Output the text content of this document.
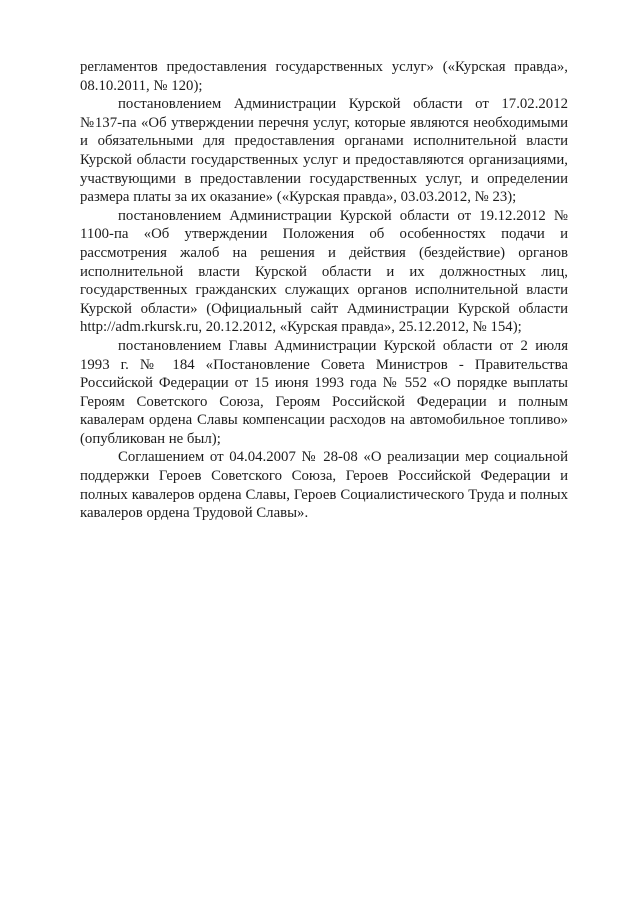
регламентов предоставления государственных услуг» («Курская правда», 08.10.2011, № 120);

постановлением Администрации Курской области от 17.02.2012 №137-па «Об утверждении перечня услуг, которые являются необходимыми и обязательными для предоставления органами исполнительной власти Курской области государственных услуг и предоставляются организациями, участвующими в предоставлении государственных услуг, и определении размера платы за их оказание» («Курская правда», 03.03.2012, № 23);

постановлением Администрации Курской области от 19.12.2012 № 1100-па «Об утверждении Положения об особенностях подачи и рассмотрения жалоб на решения и действия (бездействие) органов исполнительной власти Курской области и их должностных лиц, государственных гражданских служащих органов исполнительной власти Курской области» (Официальный сайт Администрации Курской области http://adm.rkursk.ru, 20.12.2012, «Курская правда», 25.12.2012, № 154);

постановлением Главы Администрации Курской области от 2 июля 1993 г. № 184 «Постановление Совета Министров - Правительства Российской Федерации от 15 июня 1993 года № 552 «О порядке выплаты Героям Советского Союза, Героям Российской Федерации и полным кавалерам ордена Славы компенсации расходов на автомобильное топливо» (опубликован не был);

Соглашением от 04.04.2007 № 28-08 «О реализации мер социальной поддержки Героев Советского Союза, Героев Российской Федерации и полных кавалеров ордена Славы, Героев Социалистического Труда и полных кавалеров ордена Трудовой Славы».
